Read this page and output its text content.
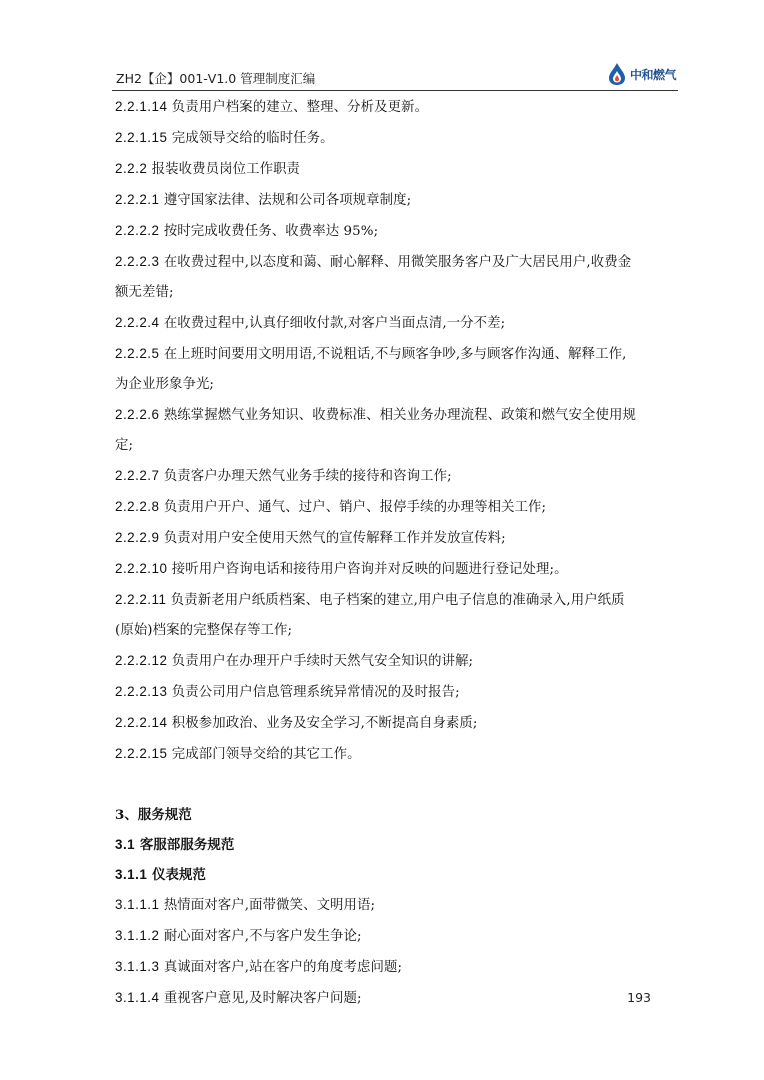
ZH2【企】001-V1.0 管理制度汇编	中和燃气
2.2.1.14 负责用户档案的建立、整理、分析及更新。
2.2.1.15 完成领导交给的临时任务。
2.2.2 报装收费员岗位工作职责
2.2.2.1 遵守国家法律、法规和公司各项规章制度;
2.2.2.2 按时完成收费任务、收费率达 95%;
2.2.2.3 在收费过程中,以态度和蔼、耐心解释、用微笑服务客户及广大居民用户,收费金
额无差错;
2.2.2.4 在收费过程中,认真仔细收付款,对客户当面点清,一分不差;
2.2.2.5 在上班时间要用文明用语,不说粗话,不与顾客争吵,多与顾客作沟通、解释工作,
为企业形象争光;
2.2.2.6 熟练掌握燃气业务知识、收费标准、相关业务办理流程、政策和燃气安全使用规
定;
2.2.2.7 负责客户办理天然气业务手续的接待和咨询工作;
2.2.2.8 负责用户开户、通气、过户、销户、报停手续的办理等相关工作;
2.2.2.9 负责对用户安全使用天然气的宣传解释工作并发放宣传料;
2.2.2.10 接听用户咨询电话和接待用户咨询并对反映的问题进行登记处理;。
2.2.2.11 负责新老用户纸质档案、电子档案的建立,用户电子信息的准确录入,用户纸质
(原始)档案的完整保存等工作;
2.2.2.12 负责用户在办理开户手续时天然气安全知识的讲解;
2.2.2.13 负责公司用户信息管理系统异常情况的及时报告;
2.2.2.14 积极参加政治、业务及安全学习,不断提高自身素质;
2.2.2.15 完成部门领导交给的其它工作。
3、服务规范
3.1 客服部服务规范
3.1.1 仪表规范
3.1.1.1 热情面对客户,面带微笑、文明用语;
3.1.1.2 耐心面对客户,不与客户发生争论;
3.1.1.3 真诚面对客户,站在客户的角度考虑问题;
3.1.1.4 重视客户意见,及时解决客户问题;	193
